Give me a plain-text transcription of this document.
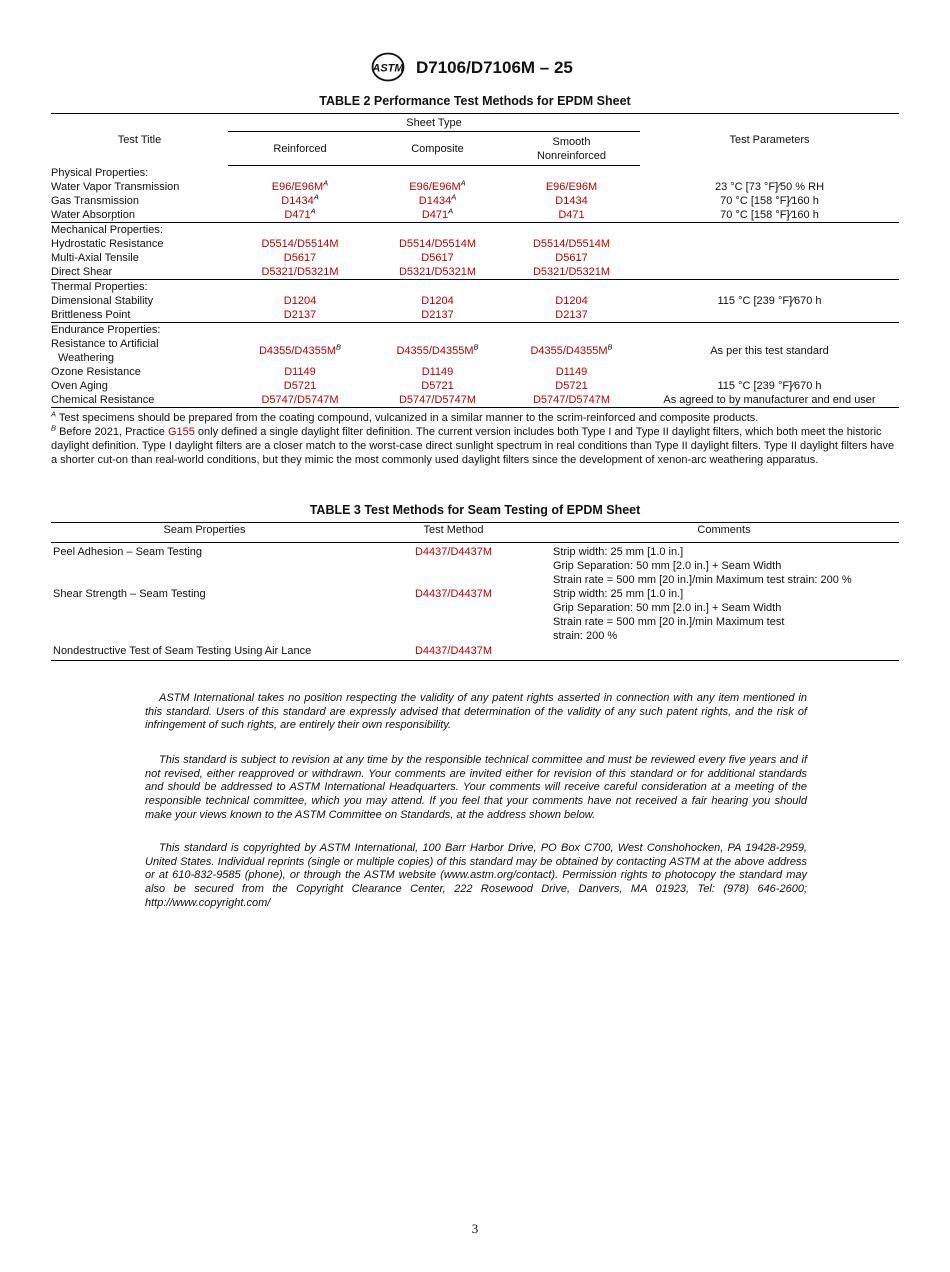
ASTM D7106/D7106M – 25
TABLE 2 Performance Test Methods for EPDM Sheet
Test Title	Sheet Type			Test Parameters
	Reinforced	Composite	Smooth
Nonreinforced	
Physical Properties:				
Water Vapor Transmission	$E96/E96M^A$	$E96/E96M^A$	E96/E96M	23 °C [73 °F]⁄50 % RH
Gas Transmission	$D1434^A$	$D1434^A$	D1434	70 °C [158 °F]⁄160 h
Water Absorption	$D471^A$	$D471^A$	D471	70 °C [158 °F]⁄160 h
Mechanical Properties:				
Hydrostatic Resistance	D5514/D5514M	D5514/D5514M	D5514/D5514M	
Multi-Axial Tensile	D5617	D5617	D5617	
Direct Shear	D5321/D5321M	D5321/D5321M	D5321/D5321M	
Thermal Properties:				
Dimensional Stability	D1204	D1204	D1204	115 °C [239 °F]⁄670 h
Brittleness Point	D2137	D2137	D2137	
Endurance Properties:				
Resistance to Artificial
Weathering	$D4355/D4355M^B$	$D4355/D4355M^B$	$D4355/D4355M^B$	As per this test standard
Ozone Resistance	D1149	D1149	D1149	
Oven Aging	D5721	D5721	D5721	115 °C [239 °F]⁄670 h
Chemical Resistance	D5747/D5747M	D5747/D5747M	D5747/D5747M	As agreed to by manufacturer and end user
$^A$ Test specimens should be prepared from the coating compound, vulcanized in a similar manner to the scrim-reinforced and composite products.
$^B$ Before 2021, Practice G155 only defined a single daylight filter definition. The current version includes both Type I and Type II daylight filters, which both meet the historic daylight definition. Type I daylight filters are a closer match to the worst-case direct sunlight spectrum in real conditions than Type II daylight filters. Type II daylight filters have a shorter cut-on than real-world conditions, but they mimic the most commonly used daylight filters since the development of xenon-arc weathering apparatus.
TABLE 3 Test Methods for Seam Testing of EPDM Sheet
Seam Properties	Test Method	Comments
Peel Adhesion – Seam Testing	D4437/D4437M	Strip width: 25 mm [1.0 in.]
Grip Separation: 50 mm [2.0 in.] + Seam Width
Strain rate = 500 mm [20 in.]/min Maximum test strain: 200 %

Shear Strength – Seam Testing	D4437/D4437M	Strip width: 25 mm [1.0 in.]
Grip Separation: 50 mm [2.0 in.] + Seam Width
Strain rate = 500 mm [20 in.]/min Maximum test
strain: 200 %

Nondestructive Test of Seam Testing Using Air Lance	D4437/D4437M	

ASTM International takes no position respecting the validity of any patent rights asserted in connection with any item mentioned in this standard. Users of this standard are expressly advised that determination of the validity of any such patent rights, and the risk of infringement of such rights, are entirely their own responsibility.

This standard is subject to revision at any time by the responsible technical committee and must be reviewed every five years and if not revised, either reapproved or withdrawn. Your comments are invited either for revision of this standard or for additional standards and should be addressed to ASTM International Headquarters. Your comments will receive careful consideration at a meeting of the responsible technical committee, which you may attend. If you feel that your comments have not received a fair hearing you should make your views known to the ASTM Committee on Standards, at the address shown below.

This standard is copyrighted by ASTM International, 100 Barr Harbor Drive, PO Box C700, West Conshohocken, PA 19428-2959, United States. Individual reprints (single or multiple copies) of this standard may be obtained by contacting ASTM at the above address or at 610-832-9585 (phone), or through the ASTM website (www.astm.org/contact). Permission rights to photocopy the standard may also be secured from the Copyright Clearance Center, 222 Rosewood Drive, Danvers, MA 01923, Tel: (978) 646-2600; http://www.copyright.com/

3
